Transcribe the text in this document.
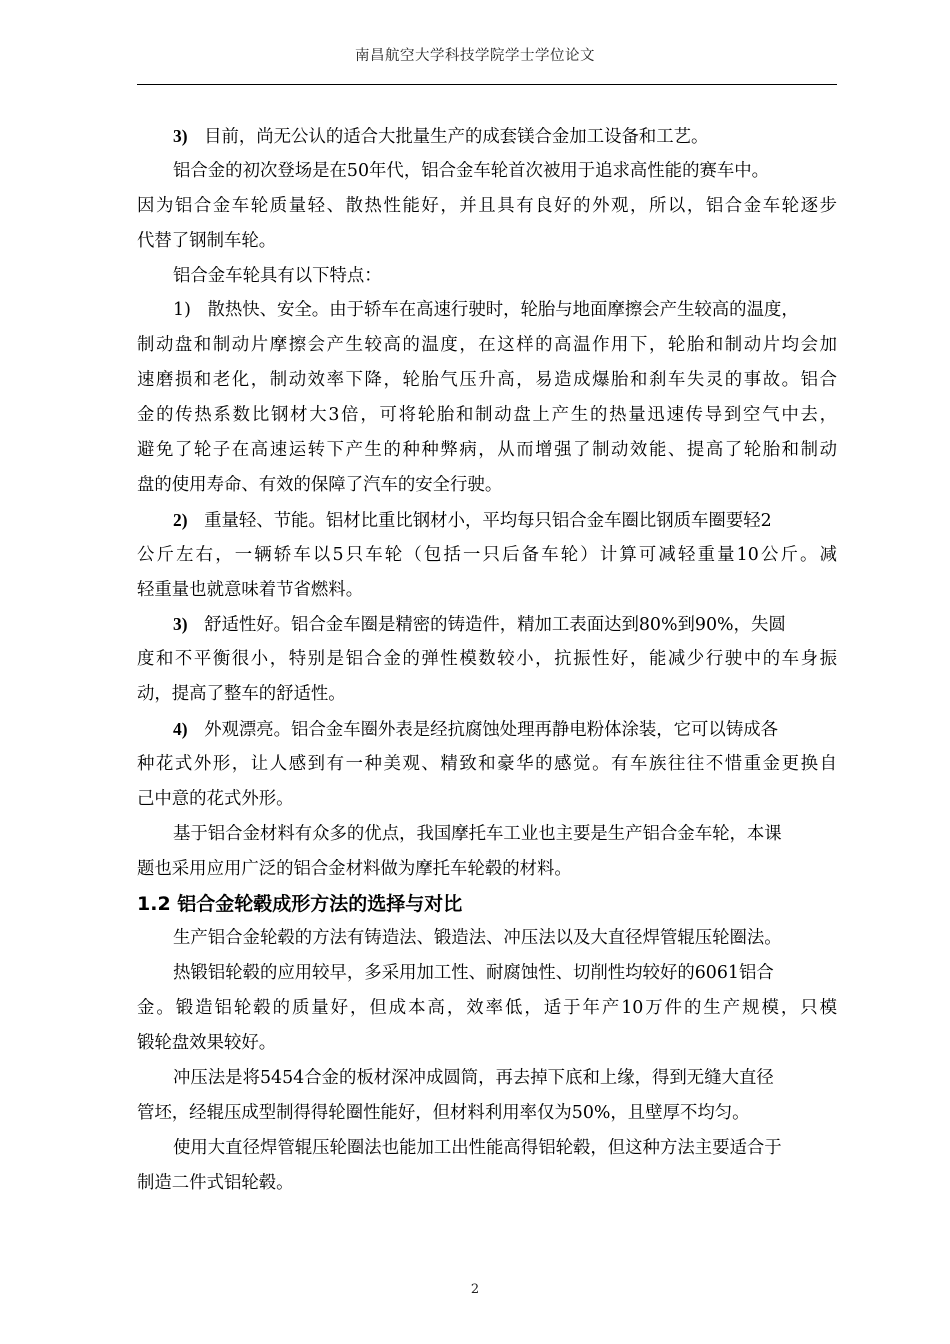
南昌航空大学科技学院学士学位论文
3) 目前，尚无公认的适合大批量生产的成套镁合金加工设备和工艺。
铝合金的初次登场是在50年代，铝合金车轮首次被用于追求高性能的赛车中。
因为铝合金车轮质量轻、散热性能好，并且具有良好的外观，所以，铝合金车轮逐步
代替了钢制车轮。
铝合金车轮具有以下特点：
1) 散热快、安全。由于轿车在高速行驶时，轮胎与地面摩擦会产生较高的温度，
制动盘和制动片摩擦会产生较高的温度，在这样的高温作用下，轮胎和制动片均会加
速磨损和老化，制动效率下降，轮胎气压升高，易造成爆胎和刹车失灵的事故。铝合
金的传热系数比钢材大3倍，可将轮胎和制动盘上产生的热量迅速传导到空气中去，
避免了轮子在高速运转下产生的种种弊病，从而增强了制动效能、提高了轮胎和制动
盘的使用寿命、有效的保障了汽车的安全行驶。
2) 重量轻、节能。铝材比重比钢材小，平均每只铝合金车圈比钢质车圈要轻2
公斤左右，一辆轿车以5只车轮（包括一只后备车轮）计算可减轻重量10公斤。减
轻重量也就意味着节省燃料。
3) 舒适性好。铝合金车圈是精密的铸造件，精加工表面达到80%到90%，失圆
度和不平衡很小，特别是铝合金的弹性模数较小，抗振性好，能减少行驶中的车身振
动，提高了整车的舒适性。
4) 外观漂亮。铝合金车圈外表是经抗腐蚀处理再静电粉体涂装，它可以铸成各
种花式外形，让人感到有一种美观、精致和豪华的感觉。有车族往往不惜重金更换自
己中意的花式外形。
基于铝合金材料有众多的优点，我国摩托车工业也主要是生产铝合金车轮，本课
题也采用应用广泛的铝合金材料做为摩托车轮毂的材料。
1.2 铝合金轮毂成形方法的选择与对比
生产铝合金轮毂的方法有铸造法、锻造法、冲压法以及大直径焊管辊压轮圈法。
热锻铝轮毂的应用较早，多采用加工性、耐腐蚀性、切削性均较好的6061铝合
金。锻造铝轮毂的质量好，但成本高，效率低，适于年产10万件的生产规模，只模
锻轮盘效果较好。
冲压法是将5454合金的板材深冲成圆筒，再去掉下底和上缘，得到无缝大直径
管坯，经辊压成型制得得轮圈性能好，但材料利用率仅为50%，且壁厚不均匀。
使用大直径焊管辊压轮圈法也能加工出性能高得铝轮毂，但这种方法主要适合于
制造二件式铝轮毂。
2
